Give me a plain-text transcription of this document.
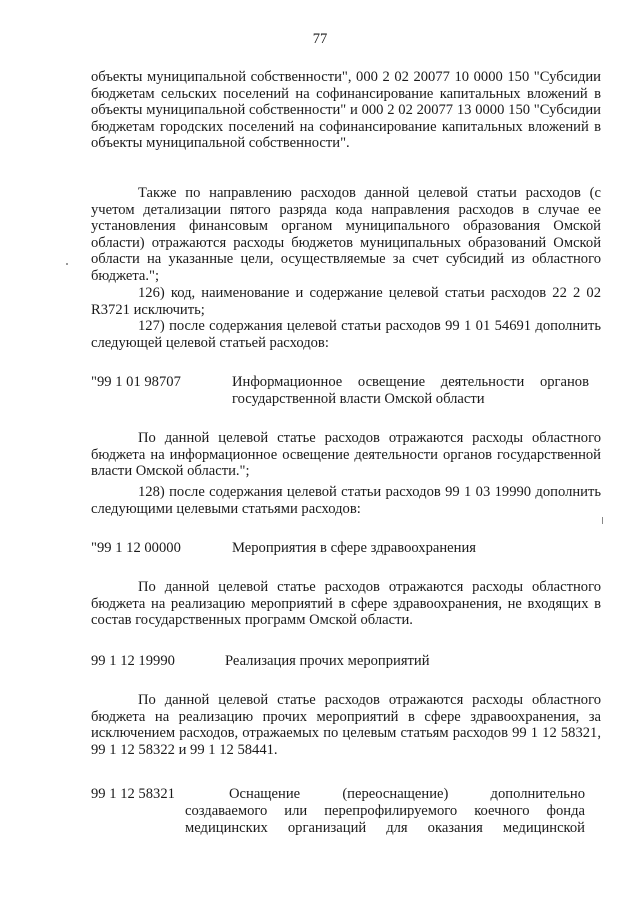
77
объекты муниципальной собственности", 000 2 02 20077 10 0000 150 "Субсидии бюджетам сельских поселений на софинансирование капитальных вложений в объекты муниципальной собственности" и 000 2 02 20077 13 0000 150 "Субсидии бюджетам городских поселений на софинансирование капитальных вложений в объекты муниципальной собственности".
Также по направлению расходов данной целевой статьи расходов (с учетом детализации пятого разряда кода направления расходов в случае ее установления финансовым органом муниципального образования Омской области) отражаются расходы бюджетов муниципальных образований Омской области на указанные цели, осуществляемые за счет субсидий из областного бюджета.";
126) код, наименование и содержание целевой статьи расходов 22 2 02 R3721 исключить;
127) после содержания целевой статьи расходов 99 1 01 54691 дополнить следующей целевой статьей расходов:
"99 1 01 98707	Информационное освещение деятельности органов государственной власти Омской области
По данной целевой статье расходов отражаются расходы областного бюджета на информационное освещение деятельности органов государственной власти Омской области.";
128) после содержания целевой статьи расходов 99 1 03 19990 дополнить следующими целевыми статьями расходов:
"99 1 12 00000	Мероприятия в сфере здравоохранения
По данной целевой статье расходов отражаются расходы областного бюджета на реализацию мероприятий в сфере здравоохранения, не входящих в состав государственных программ Омской области.
99 1 12 19990	Реализация прочих мероприятий
По данной целевой статье расходов отражаются расходы областного бюджета на реализацию прочих мероприятий в сфере здравоохранения, за исключением расходов, отражаемых по целевым статьям расходов 99 1 12 58321, 99 1 12 58322 и 99 1 12 58441.
99 1 12 58321	Оснащение (переоснащение) дополнительно создаваемого или перепрофилируемого коечного фонда медицинских организаций для оказания медицинской
